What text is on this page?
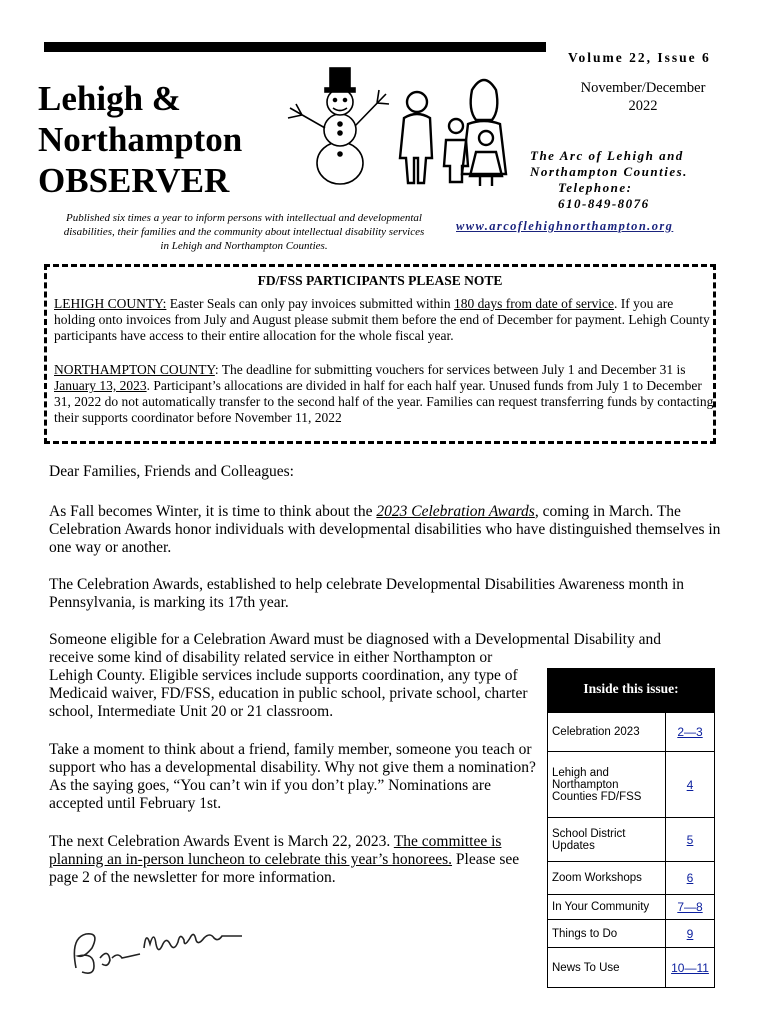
Volume 22, Issue 6
November/December
2022
Lehigh &
Northampton
OBSERVER
Published six times a year to inform persons with intellectual and developmental disabilities, their families and the community about intellectual disability services in Lehigh and Northampton Counties.
The Arc of Lehigh and
Northampton Counties.
Telephone:
610-849-8076
www.arcoflehighnorthampton.org
FD/FSS PARTICIPANTS PLEASE NOTE
LEHIGH COUNTY: Easter Seals can only pay invoices submitted within 180 days from date of service. If you are holding onto invoices from July and August please submit them before the end of December for payment. Lehigh County participants have access to their entire allocation for the whole fiscal year.
NORTHAMPTON COUNTY: The deadline for submitting vouchers for services between July 1 and December 31 is January 13, 2023. Participant’s allocations are divided in half for each half year. Unused funds from July 1 to December 31, 2022 do not automatically transfer to the second half of the year. Families can request transferring funds by contacting their supports coordinator before November 11, 2022
Dear Families, Friends and Colleagues:
As Fall becomes Winter, it is time to think about the 2023 Celebration Awards, coming in March. The Celebration Awards honor individuals with developmental disabilities who have distinguished themselves in one way or another.
The Celebration Awards, established to help celebrate Developmental Disabilities Awareness month in Pennsylvania, is marking its 17th year.
Someone eligible for a Celebration Award must be diagnosed with a Developmental Disability and
receive some kind of disability related service in either Northampton or Lehigh County. Eligible services include supports coordination, any type of Medicaid waiver, FD/FSS, education in public school, private school, charter school, Intermediate Unit 20 or 21 classroom.
Take a moment to think about a friend, family member, someone you teach or support who has a developmental disability. Why not give them a nomination? As the saying goes, “You can’t win if you don’t play.” Nominations are accepted until February 1st.
The next Celebration Awards Event is March 22, 2023. The committee is planning an in-person luncheon to celebrate this year’s honorees. Please see page 2 of the newsletter for more information.
Inside this issue:
Celebration 2023	2—3
Lehigh and Northampton Counties FD/FSS	4
School District Updates	5
Zoom Workshops	6
In Your Community	7—8
Things to Do	9
News To Use	10—11
